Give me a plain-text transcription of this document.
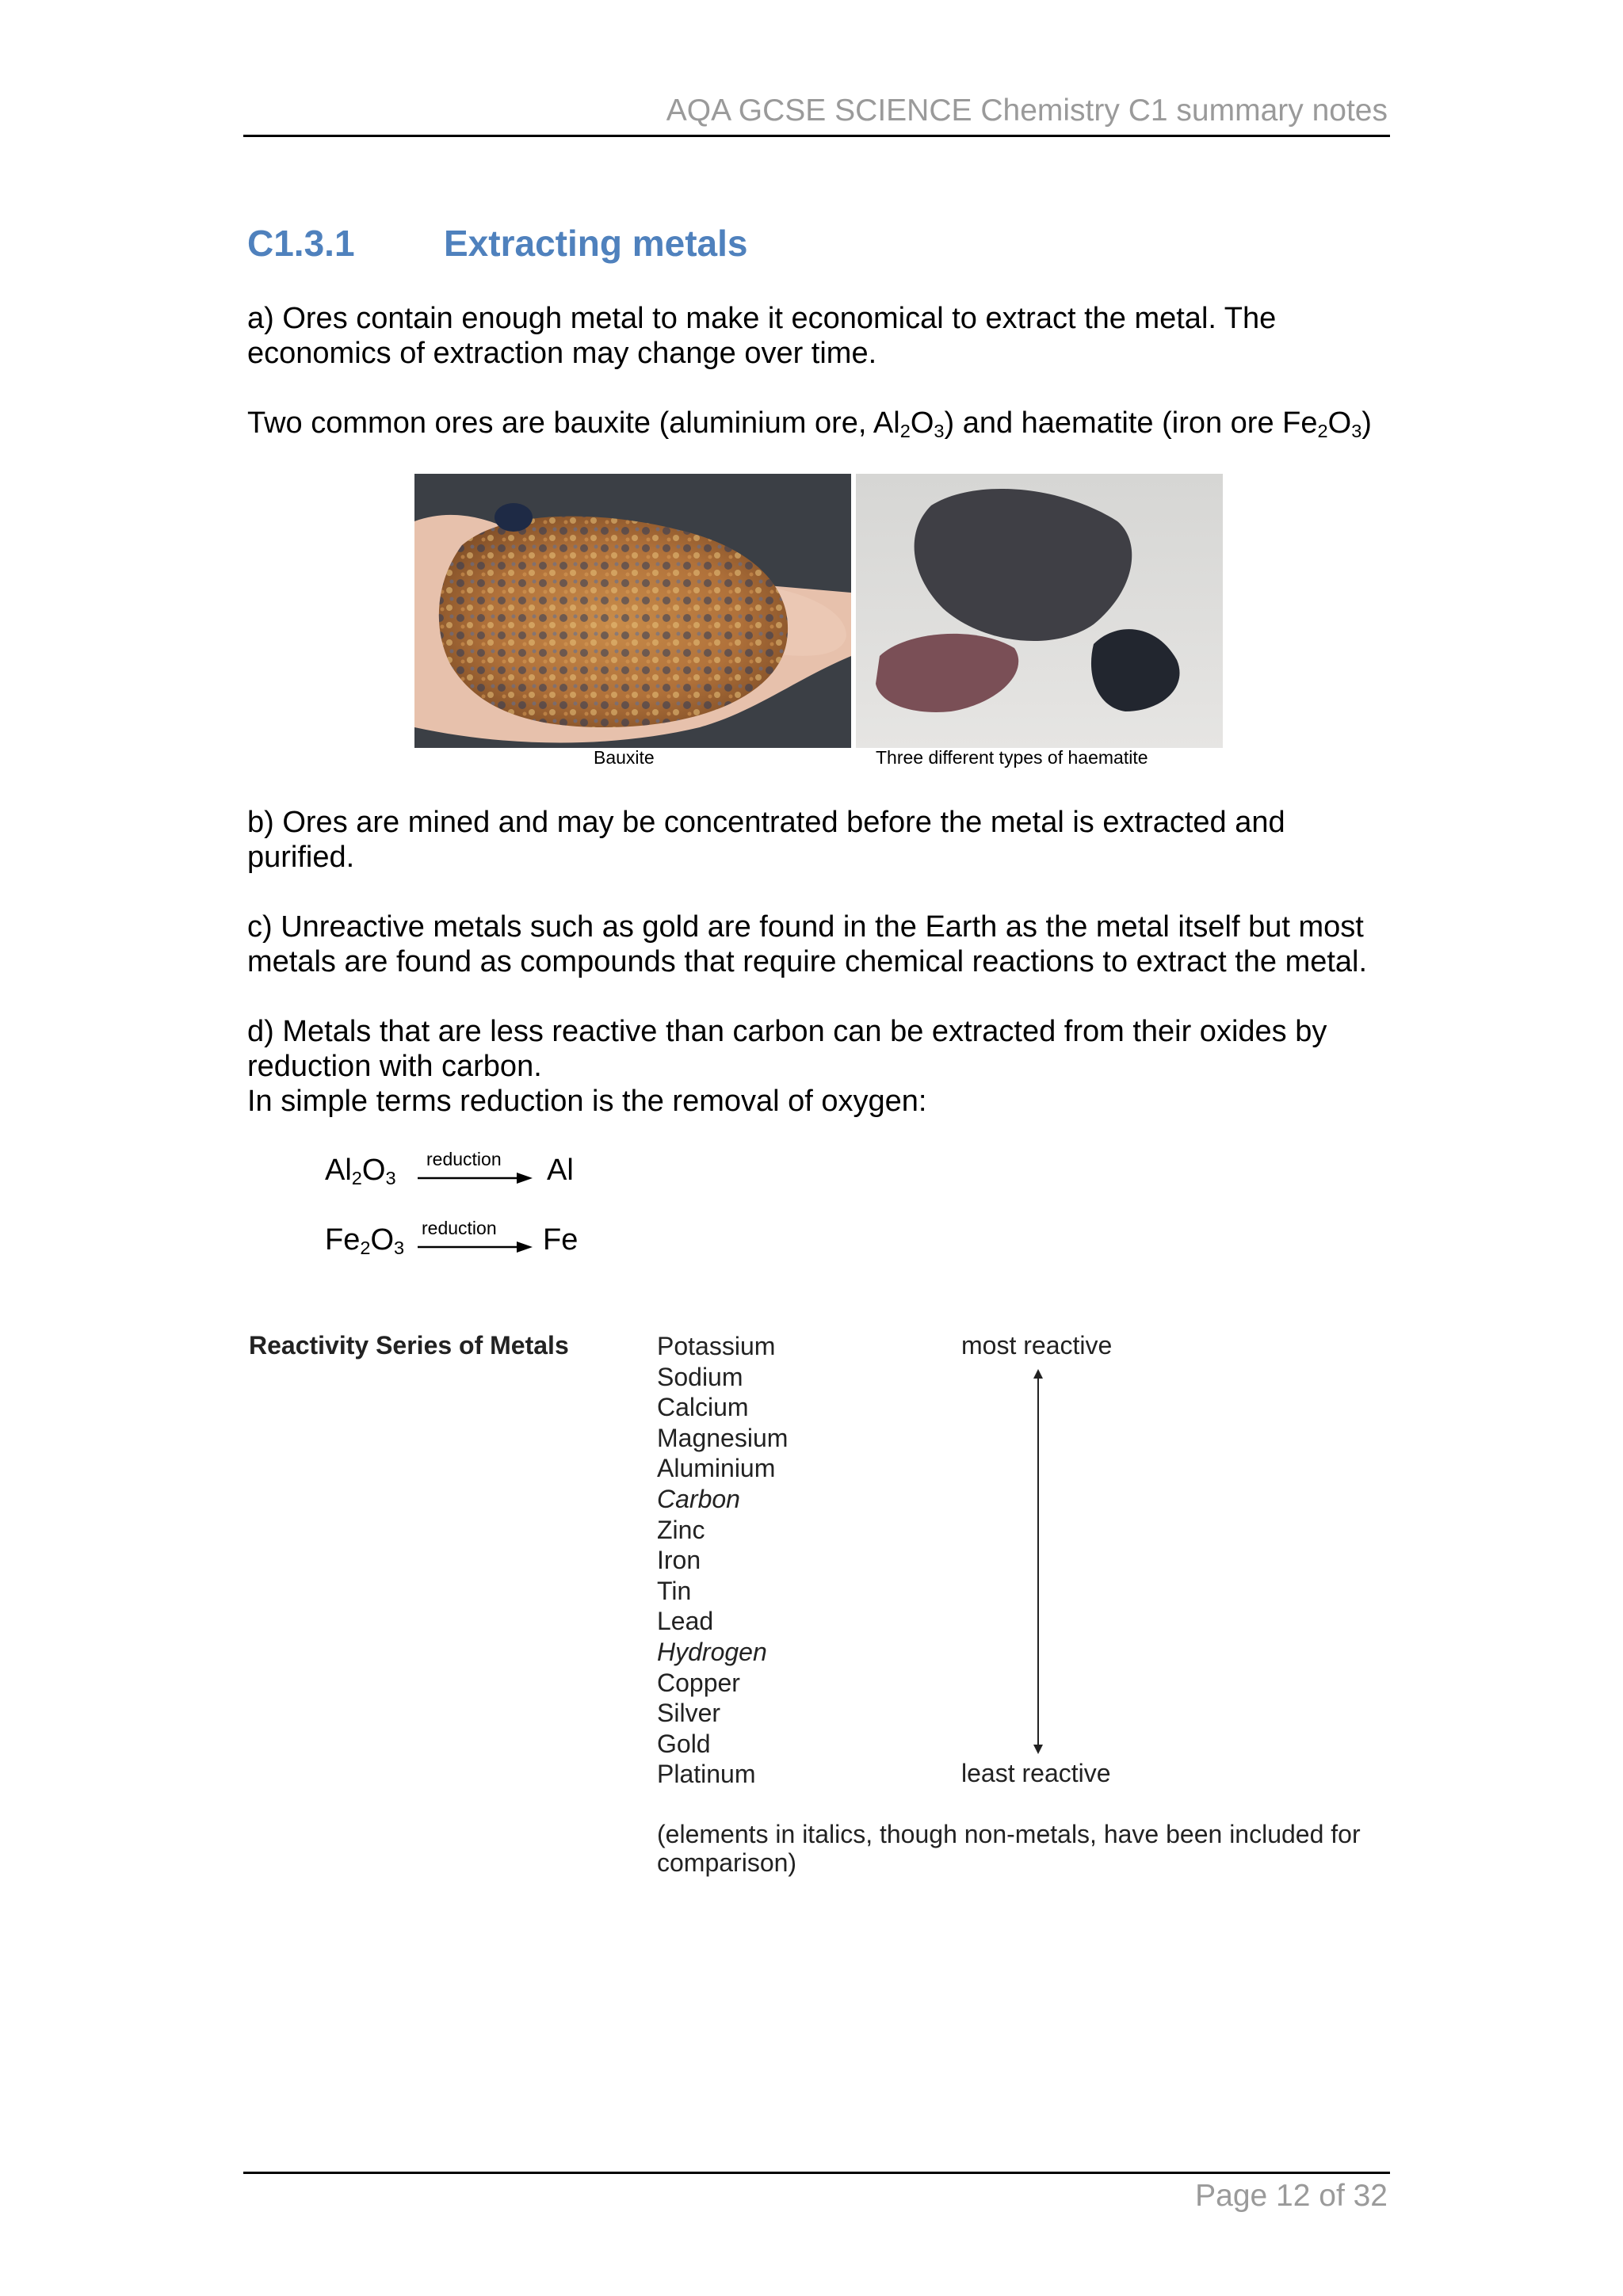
AQA GCSE SCIENCE Chemistry C1 summary notes
C1.3.1 Extracting metals
a) Ores contain enough metal to make it economical to extract the metal. The economics of extraction may change over time.
Two common ores are bauxite (aluminium ore, $Al_2O_3$) and haematite (iron ore $Fe_2O_3$)
Bauxite	Three different types of haematite
b) Ores are mined and may be concentrated before the metal is extracted and purified.
c) Unreactive metals such as gold are found in the Earth as the metal itself but most metals are found as compounds that require chemical reactions to extract the metal.
d) Metals that are less reactive than carbon can be extracted from their oxides by reduction with carbon.
In simple terms reduction is the removal of oxygen:
$Al_2O_3$
reduction Al
$Fe_2O_3$
reduction Fe
Reactivity Series of Metals	Potassium
Sodium
Calcium
Magnesium
Aluminium
Carbon
Zinc
Iron
Tin
Lead
Hydrogen
Copper
Silver
Gold
Platinum
most reactive
least reactive
(elements in italics, though non-metals, have been included for comparison)
Page 12 of 32
